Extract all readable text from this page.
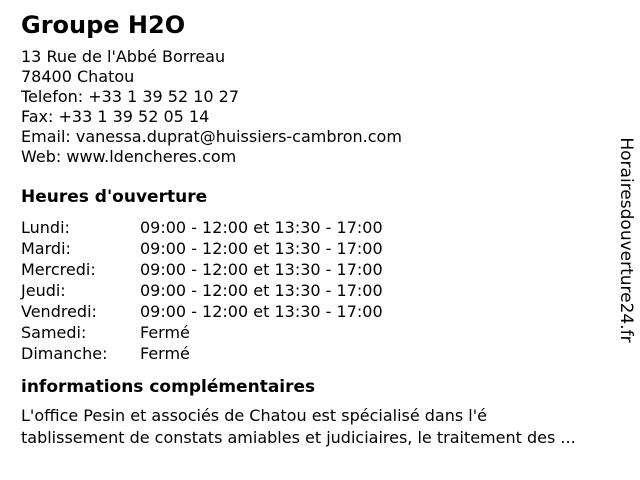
Groupe H2O
13 Rue de l'Abbé Borreau
78400 Chatou
Telefon: +33 1 39 52 10 27
Fax: +33 1 39 52 05 14
Email: vanessa.duprat@huissiers-cambron.com
Web: www.ldencheres.com
Heures d'ouverture
Lundi:	09:00 - 12:00 et 13:30 - 17:00
Mardi:	09:00 - 12:00 et 13:30 - 17:00
Mercredi:	09:00 - 12:00 et 13:30 - 17:00
Jeudi:	09:00 - 12:00 et 13:30 - 17:00
Vendredi:	09:00 - 12:00 et 13:30 - 17:00
Samedi:	Fermé
Dimanche:	Fermé
informations complémentaires
L'office Pesin et associés de Chatou est spécialisé dans l'é
tablissement de constats amiables et judiciaires, le traitement des ...
Horairesdouverture24.fr
